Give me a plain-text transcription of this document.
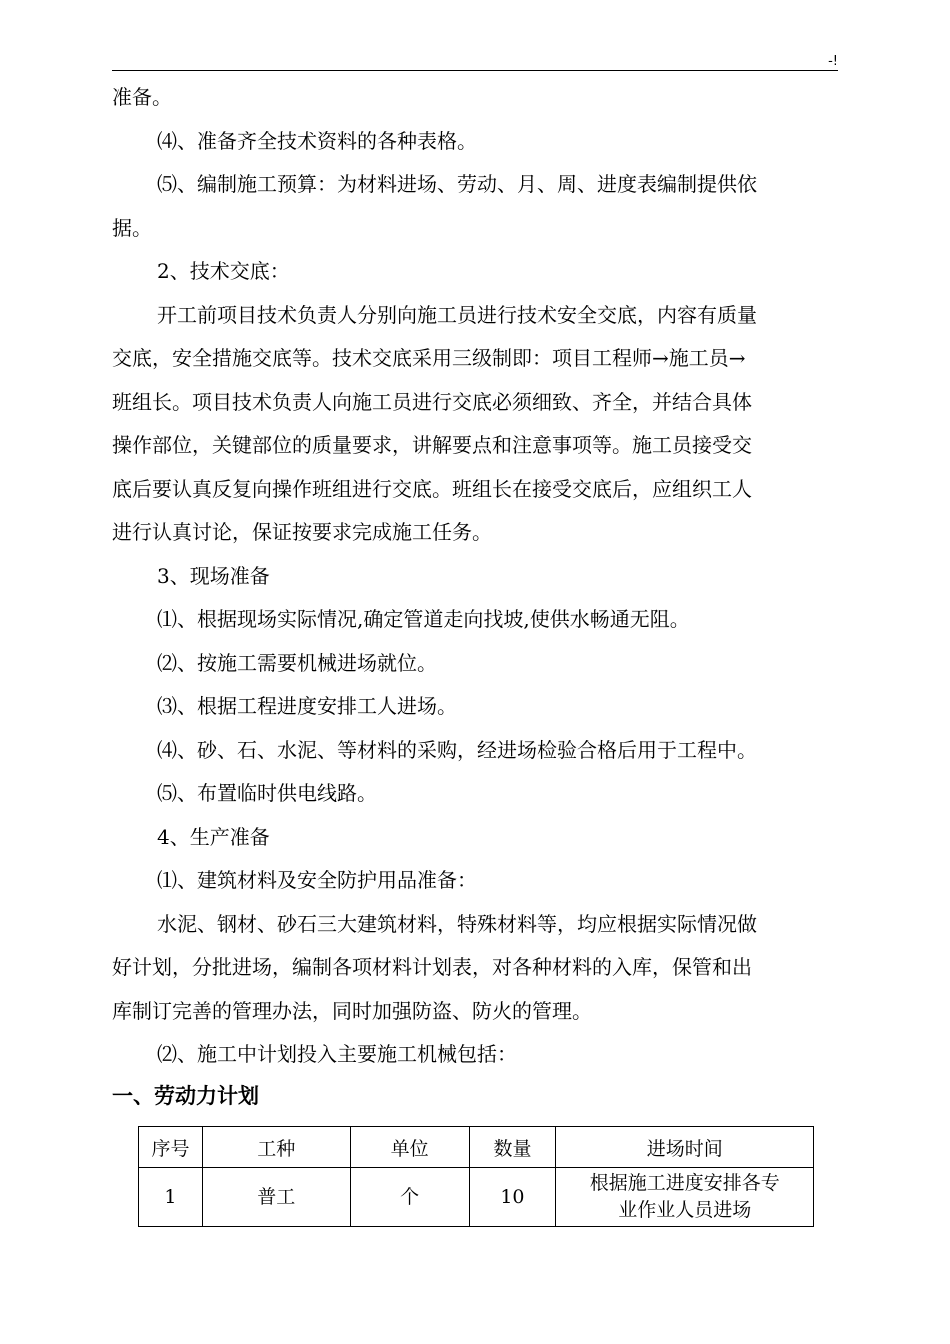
-!
准备。
⑷、准备齐全技术资料的各种表格。
⑸、编制施工预算：为材料进场、劳动、月、周、进度表编制提供依
据。
2、技术交底：
开工前项目技术负责人分别向施工员进行技术安全交底，内容有质量
交底，安全措施交底等。技术交底采用三级制即：项目工程师→施工员→
班组长。项目技术负责人向施工员进行交底必须细致、齐全，并结合具体
操作部位，关键部位的质量要求，讲解要点和注意事项等。施工员接受交
底后要认真反复向操作班组进行交底。班组长在接受交底后，应组织工人
进行认真讨论，保证按要求完成施工任务。
3、现场准备
⑴、根据现场实际情况,确定管道走向找坡,使供水畅通无阻。
⑵、按施工需要机械进场就位。
⑶、根据工程进度安排工人进场。
⑷、砂、石、水泥、等材料的采购，经进场检验合格后用于工程中。
⑸、布置临时供电线路。
4、生产准备
⑴、建筑材料及安全防护用品准备：
水泥、钢材、砂石三大建筑材料，特殊材料等，均应根据实际情况做
好计划，分批进场，编制各项材料计划表，对各种材料的入库，保管和出
库制订完善的管理办法，同时加强防盗、防火的管理。
⑵、施工中计划投入主要施工机械包括：
一、劳动力计划
序号	工种	单位	数量	进场时间
1	普工	个	10	根据施工进度安排各专
业作业人员进场
